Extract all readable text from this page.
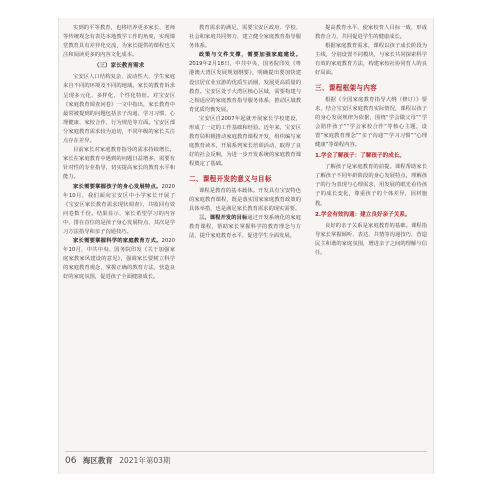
实到的平等教育，也将培养更多家长、老师等传统观念有表达本地教学工作的角度，实现课堂教育具有差异化交流，为家长提供的课程也关注和阅读更多的内容文化成本。

（三）家长教育需求

宝安区人口结构复杂，流动性大，学生家庭来自不同的环境及不同的地域。家长的教育诉求呈现多元化、多样化、个性化特征。对宝安区《家庭教育调查问卷》一文中指出，家长教育中最常被提到的问题包括亲子沟通、学习习惯、心理健康、家校合作、行为规范等方面。宝安区部分家庭教育需求较为迫切，不同年级的家长关注点存在差异。

目前家长对家庭教育指导的需求持续增长，家长在家庭教育中遇到的问题日益增多，需要有针对性的专业指导，切实提高家长的教育水平和能力。

家长需要掌握孩子的身心发展特点。2020年10月，我们面向宝安区中小学家长开展了《宝安区家长教育需求现状调查》，共收回有效问卷数千份。结果显示，家长希望学习的内容中，排在首位的是孩子身心发展特点，其次是学习方法指导和亲子沟通技巧。

家长需要掌握科学的家庭教育方式。2020年10月，中共中央、国务院印发《关于加强家庭家教家风建设的意见》，强调家长要树立科学的家庭教育观念，掌握正确的教育方法，营造良好的家庭氛围，促进孩子全面健康成长。

教育需求的满足，需要宝安区政府、学校、社会和家庭共同努力，建立健全家庭教育指导服务体系。

政策与文件支撑，需要加强家庭建设。2019年2月18日，中共中央、国务院印发《粤港澳大湾区发展规划纲要》，明确提出要加快建设宜居宜业宜游的优质生活圈，发展更高质量的教育。宝安区处于大湾区核心区域，需要构建与之相适应的家庭教育指导服务体系，推动区域教育优质均衡发展。

宝安区自2007年起就开展家长学校建设，形成了一定的工作基础和经验。近年来，宝安区教育局积极推动家庭教育课程开发，组织编写家庭教育读本，开展系列家长培训活动，取得了良好的社会反响，为进一步开发系统的家庭教育课程奠定了基础。

二、课程开发的意义与目标

课程是教育的基本载体。开发具有宝安特色的家庭教育课程，既是落实国家家庭教育政策的具体举措，也是满足家长教育需求的现实需要。

三、课程开发的目标通过开发系统化的家庭教育课程，帮助家长掌握科学的教育理念与方法，提升家庭教育水平，促进学生全面发展。

提高教育水平，使家校育人目标一致，形成教育合力，共同促进学生的健康成长。

根据家庭教育需求，课程以孩子成长阶段为主线，分别设置不同模块，与家长共同探索科学有效的家庭教育方法，构建家校社协同育人的良好局面。

三、课程框架与内容

根据《全国家庭教育指导大纲（修订）》要求，结合宝安区家庭教育实际情况，课程以孩子的身心发展规律为依据，围绕“学会做父母”“学会陪伴孩子”“学会家校合作”等核心主题，设置“家庭教育理念”“亲子沟通”“学习习惯”“心理健康”等课程内容。

1.学会了解孩子：了解孩子的成长。

了解孩子是家庭教育的前提。课程帮助家长了解孩子不同年龄阶段的身心发展特点，理解孩子的行为表现与心理需求，用发展的眼光看待孩子的成长变化，尊重孩子的个体差异，因材施教。

2.学会有效沟通：建立良好亲子关系。

良好的亲子关系是家庭教育的基础。课程指导家长掌握倾听、表达、共情等沟通技巧，营造民主和谐的家庭氛围，增进亲子之间的理解与信任。

06 海区教育 2021年第03期
